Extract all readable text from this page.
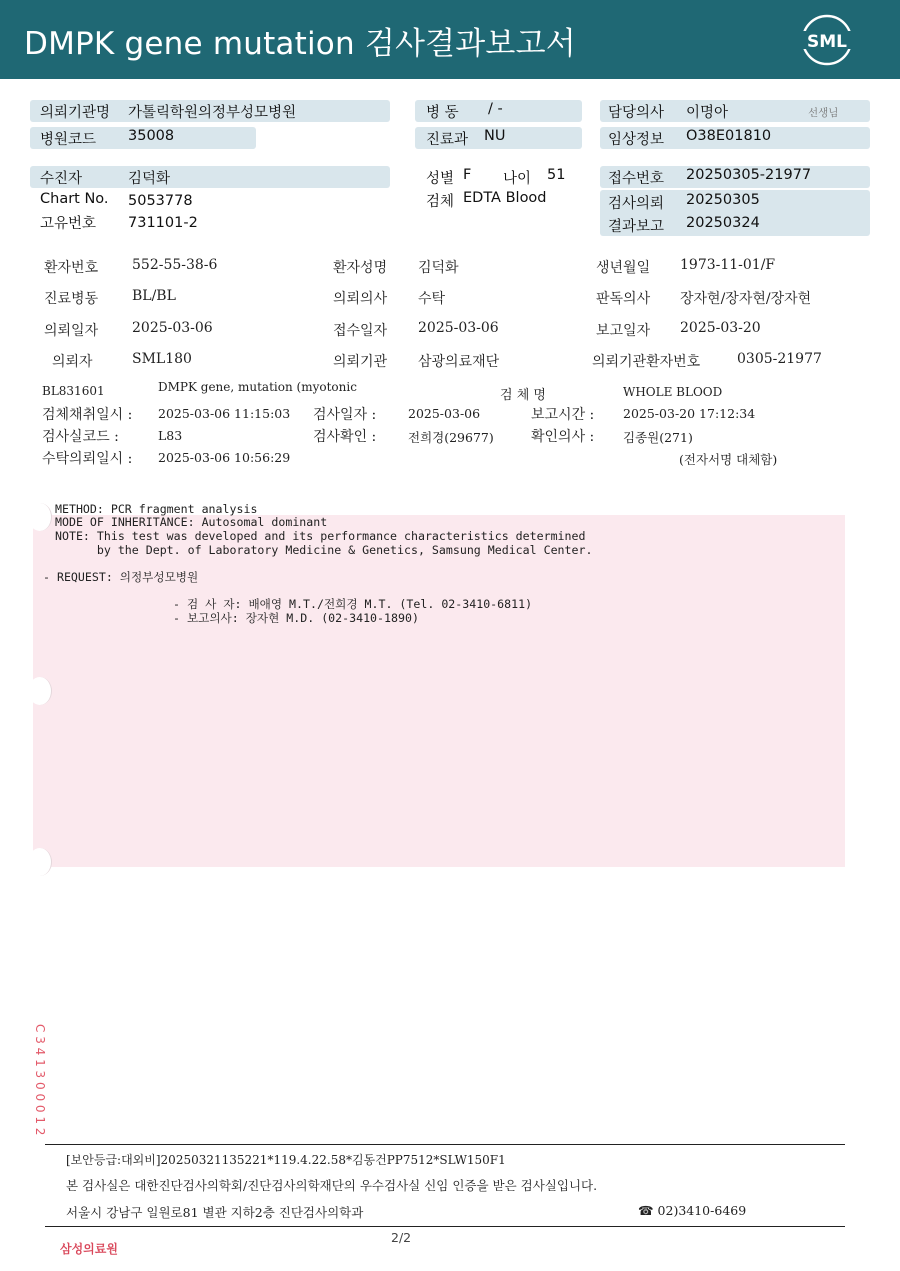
DMPK gene mutation 검사결과보고서	SML
의뢰기관명 가톨릭학원의정부성모병원
병원코드 35008
병 동 / -
진료과 NU
담당의사 이명아	선생님
임상정보 O38E01810
수진자	김덕화
Chart No. 5053778
고유번호 731101-2
성별 F 나이 51
검체 EDTA Blood
접수번호 20250305-21977
검사의뢰 20250305
결과보고 20250324
환자번호 552-55-38-6	환자성명 김덕화	생년월일 1973-11-01/F
진료병동 BL/BL	의뢰의사 수탁	판독의사 장자현/장자현/장자현
의뢰일자 2025-03-06	접수일자 2025-03-06	보고일자 2025-03-20
의뢰자	SML180	의뢰기관 삼광의료재단	의뢰기관환자번호	0305-21977
BL831601	DMPK gene, mutation (myotonic
검 체 명	WHOLE BLOOD
검체채취일시 : 2025-03-06 11:15:03 검사일자 :	2025-03-06	보고시간 : 2025-03-20 17:12:34
검사실코드 :	L83	검사확인 :	전희경(29677)	확인의사 : 김종원(271)
수탁의뢰일시 : 2025-03-06 10:56:29	(전자서명 대체함)
METHOD: PCR fragment analysis
MODE OF INHERITANCE: Autosomal dominant
NOTE: This test was developed and its performance characteristics determined
by the Dept. of Laboratory Medicine & Genetics, Samsung Medical Center.
- REQUEST: 의정부성모병원
- 검 사 자: 배애영 M.T./전희경 M.T. (Tel. 02-3410-6811)
- 보고의사: 장자현 M.D. (02-3410-1890)
C 3 4 1 3 0 0 0 1 2
[보안등급:대외비]20250321135221*119.4.22.58*김동건PP7512*SLW150F1
본 검사실은 대한진단검사의학회/진단검사의학재단의 우수검사실 신임 인증을 받은 검사실입니다.
서울시 강남구 일원로81 별관 지하2층 진단검사의학과	☎ 02)3410-6469
2/2
삼성의료원
